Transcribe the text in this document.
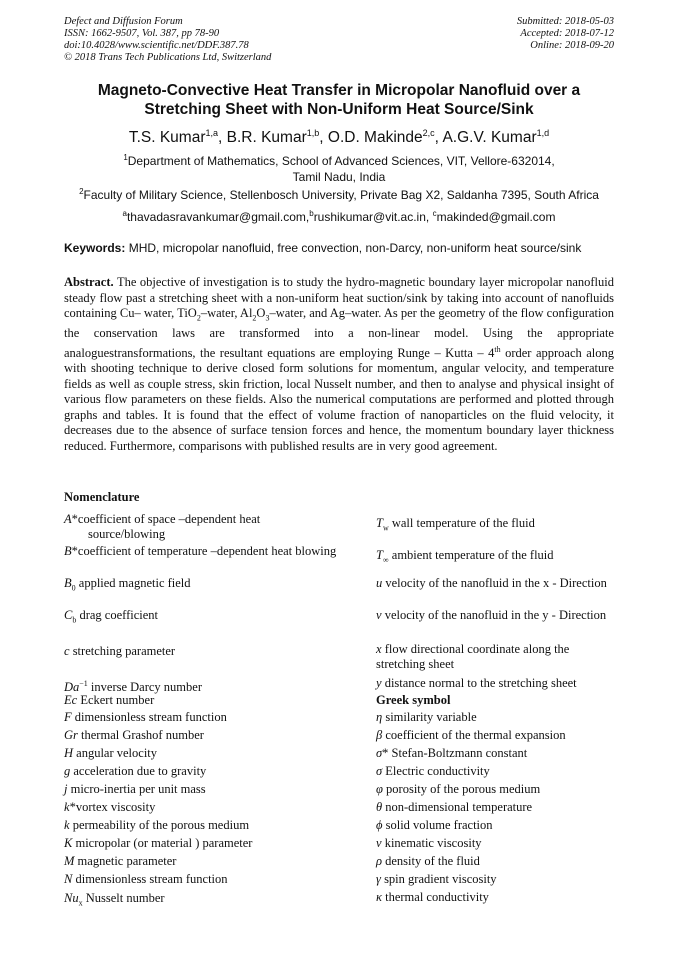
Defect and Diffusion Forum
ISSN: 1662-9507, Vol. 387, pp 78-90
doi:10.4028/www.scientific.net/DDF.387.78
© 2018 Trans Tech Publications Ltd, Switzerland
Submitted: 2018-05-03
Accepted: 2018-07-12
Online: 2018-09-20
Magneto-Convective Heat Transfer in Micropolar Nanofluid over a
Stretching Sheet with Non-Uniform Heat Source/Sink
T.S. Kumar$^{1,a}$, B.R. Kumar$^{1,b}$, O.D. Makinde$^{2,c}$, A.G.V. Kumar$^{1,d}$
$^1$Department of Mathematics, School of Advanced Sciences, VIT, Vellore-632014,
Tamil Nadu, India
$^2$Faculty of Military Science, Stellenbosch University, Private Bag X2, Saldanha 7395, South Africa
$^a$thavadasravankumar@gmail.com,$^b$rushikumar@vit.ac.in, $^c$makinded@gmail.com
Keywords: MHD, micropolar nanofluid, free convection, non-Darcy, non-uniform heat source/sink
Abstract. The objective of investigation is to study the hydro-magnetic boundary layer micropolar nanofluid steady flow past a stretching sheet with a non-uniform heat suction/sink by taking into account of nanofluids containing Cu– water, TiO$_2$–water, $Al_2O_3$–water, and Ag–water. As per the geometry of the flow configuration the conservation laws are transformed into a non-linear model. Using the appropriate analoguestransformations, the resultant equations are employing Runge – Kutta – 4th order approach along with shooting technique to derive closed form solutions for momentum, angular velocity, and temperature fields as well as couple stress, skin friction, local Nusselt number, and then to analyse and physical insight of various flow parameters on these fields. Also the numerical computations are performed and plotted through graphs and tables. It is found that the effect of volume fraction of nanoparticles on the fluid velocity, it decreases due to the absence of surface tension forces and hence, the momentum boundary layer thickness reduced. Furthermore, comparisons with published results are in very good agreement.
Nomenclature
A*coefficient of space –dependent heat source/blowing
B*coefficient of temperature –dependent heat blowing
$B_0$ applied magnetic field
$C_b$ drag coefficient
c stretching parameter
$Da^{-1}$ inverse Darcy number
Ec Eckert number
F dimensionless stream function
Gr thermal Grashof number
H angular velocity
g acceleration due to gravity
j micro-inertia per unit mass
k*vortex viscosity
k permeability of the porous medium
K micropolar (or material ) parameter
M magnetic parameter
N dimensionless stream function
$Nu_x$ Nusselt number
$T_w$ wall temperature of the fluid
$T_\infty$ ambient temperature of the fluid
u velocity of the nanofluid in the x - Direction
v velocity of the nanofluid in the y - Direction
x flow directional coordinate along the stretching sheet
y distance normal to the stretching sheet
Greek symbol
η similarity variable
β coefficient of the thermal expansion
σ* Stefan-Boltzmann constant
σ Electric conductivity
φ porosity of the porous medium
θ non-dimensional temperature
ϕ solid volume fraction
ν kinematic viscosity
ρ density of the fluid
γ spin gradient viscosity
κ thermal conductivity
